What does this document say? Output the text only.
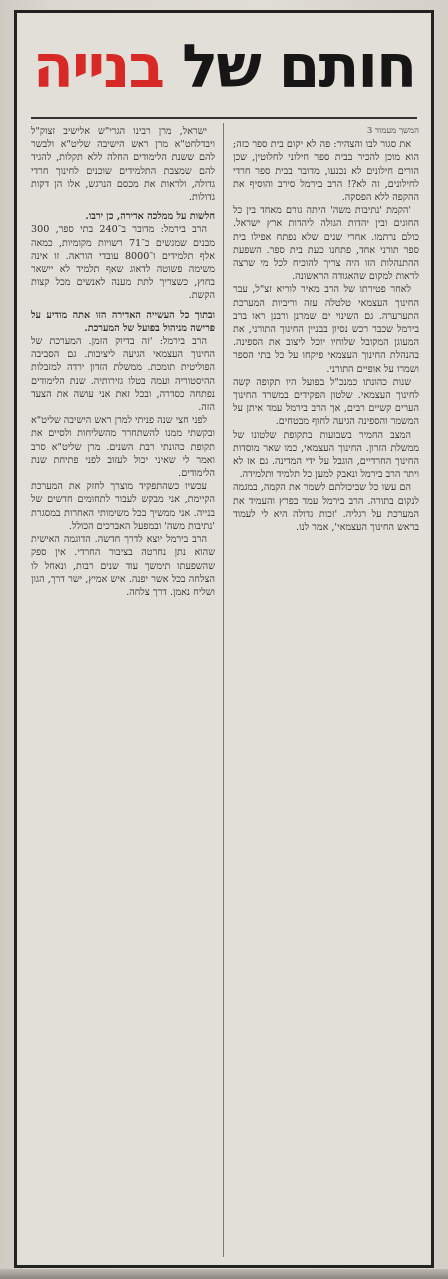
חותם של בנייה

המשך מעמוד 3

את סגור לבו והצהיר: פה לא יקום בית ספר כזה; הוא מוכן להכיר בבית ספר חילוני לחלוטין, שכן הורים חילונים לא נכנעו, מדובר בבית ספר חרדי לחילונים, זה לא?! הרב בירמל סירב והוסיף את ההקפה ללא הפסקה.

'הקמת 'נתיבות משה' היתה גורם מאחד בין כל החוגים ובין יהדות הגולה ליהדות ארץ ישראל. כולם נרתמו. אחרי שנים שלא נפתח אפילו בית ספר תורני אחד, פתחנו כעת בית ספר. השפעת ההתנהלות הזו היה צריך להוכיח לכל מי שרצה לראות למקום שהאגודה הראשונה.

לאחר פטירתו של הרב מאיר לוריא זצ"ל, עבר החינוך העצמאי טלטלה עזה וריביות המערכת התערערה. גם השינוי ים שמרנן ורבנן ראו ברב בירמל שכבר רכש נסיון בבניין החינוך התורני, את המעוגן המקובל שלוחיו יוכל ליצוב את הספינה. בהנהלת החינוך העצמאי פיקחו על כל בתי הספר ושמרו על אופיים התורני.

שנות כהונתו כמנכ"ל בפועל היו תקופה קשה לחינוך העצמאי. שלטון הפקידים במשרד החינוך הערים קשיים רבים, אך הרב בירמל עמד איתן על המשמר והספינה הגיעה לחוף מבטחים.

המצב החמיר בשבועות בתקופת שלטונו של ממשלת הזרון. החינוך העצמאי, כמו שאר מוסדות החינוך החרדיים, הוגבל על ידי המדינה. גם אז לא ויתר הרב בירמל ונאבק למען כל תלמיד ותלמידה.

הם עשו כל שביכולתם לשמר את הקמה, במגמה לנקום בתורה. הרב בירמל עמד בפרץ והעמיד את המערכת על רגליה. 'זכות גדולה היא לי לעמוד בראש החינוך העצמאי', אמר לנו.

ישראל, מרן רבינו הגרי"ש אלישיב זצוק"ל ויבדלחט"א מרן ראש הישיבה שליט"א ולבשר להם ששנת הלימודים החלה ללא תקלות, להגיד להם שמצבת התלמידים שוכנים לחינוך חרדי גדולה, ולראות את מכסם הנרגש, אלו הן דקות גדולות.

חלשות על ממלכה אדירה, כן ירבו.

הרב בירמל: מדובר ב־240 בתי ספר, 300 מבנים שמגשים כ־71 רשויות מקומיות, כמאה אלף תלמידים ו־8000 עובדי הוראה. זו אינה משימה פשוטה לדאוג שאף תלמיד לא יישאר בחוץ, כשצריך לתת מענה לאנשים מכל קצות הקשת.

ובתוך כל העשייה האדירה הזו אתה מודיע על פרישה מניהול בפועל של המערכת.

הרב בירמל: 'זה בדיוק הזמן. המערכת של החינוך העצמאי הגיעה ליציבות. גם הסביבה הפוליטית תומכת. ממשלת הזדון ירדה למזבלות ההיסטוריה ועמה בטלו גזירותיה. שנת הלימודים נפתחה כסדרה, ובכל זאת אני עושה את הצעד הזה.

לפני חצי שנה פניתי למרן ראש הישיבה שליט"א ובקשתי ממנו להשתחרר מהשליחות ולסיים את תקופת כהונתי רבת השנים. מרן שליט"א סרב ואמר לי שאיני יכול לעזוב לפני פתיחת שנת הלימודים.

עכשיו כשהתפקיד מוצרך לחזק את המערכת הקיימת, אני מבקש לעבור לתחומים חדשים של בנייה. אני ממשיך בכל משימותי האחרות במסגרת 'נתיבות משה' ובמפעל האברכים הכולל.

הרב בירמל יוצא לדרך חדשה. הדוגמה האישית שהוא נתן נחרטה בציבור החרדי. אין ספק שהשפעתו תימשך עוד שנים רבות, ונאחל לו הצלחה בכל אשר יפנה. איש אמיץ, ישר דרך, הגון ושליח נאמן. דרך צלחה.
